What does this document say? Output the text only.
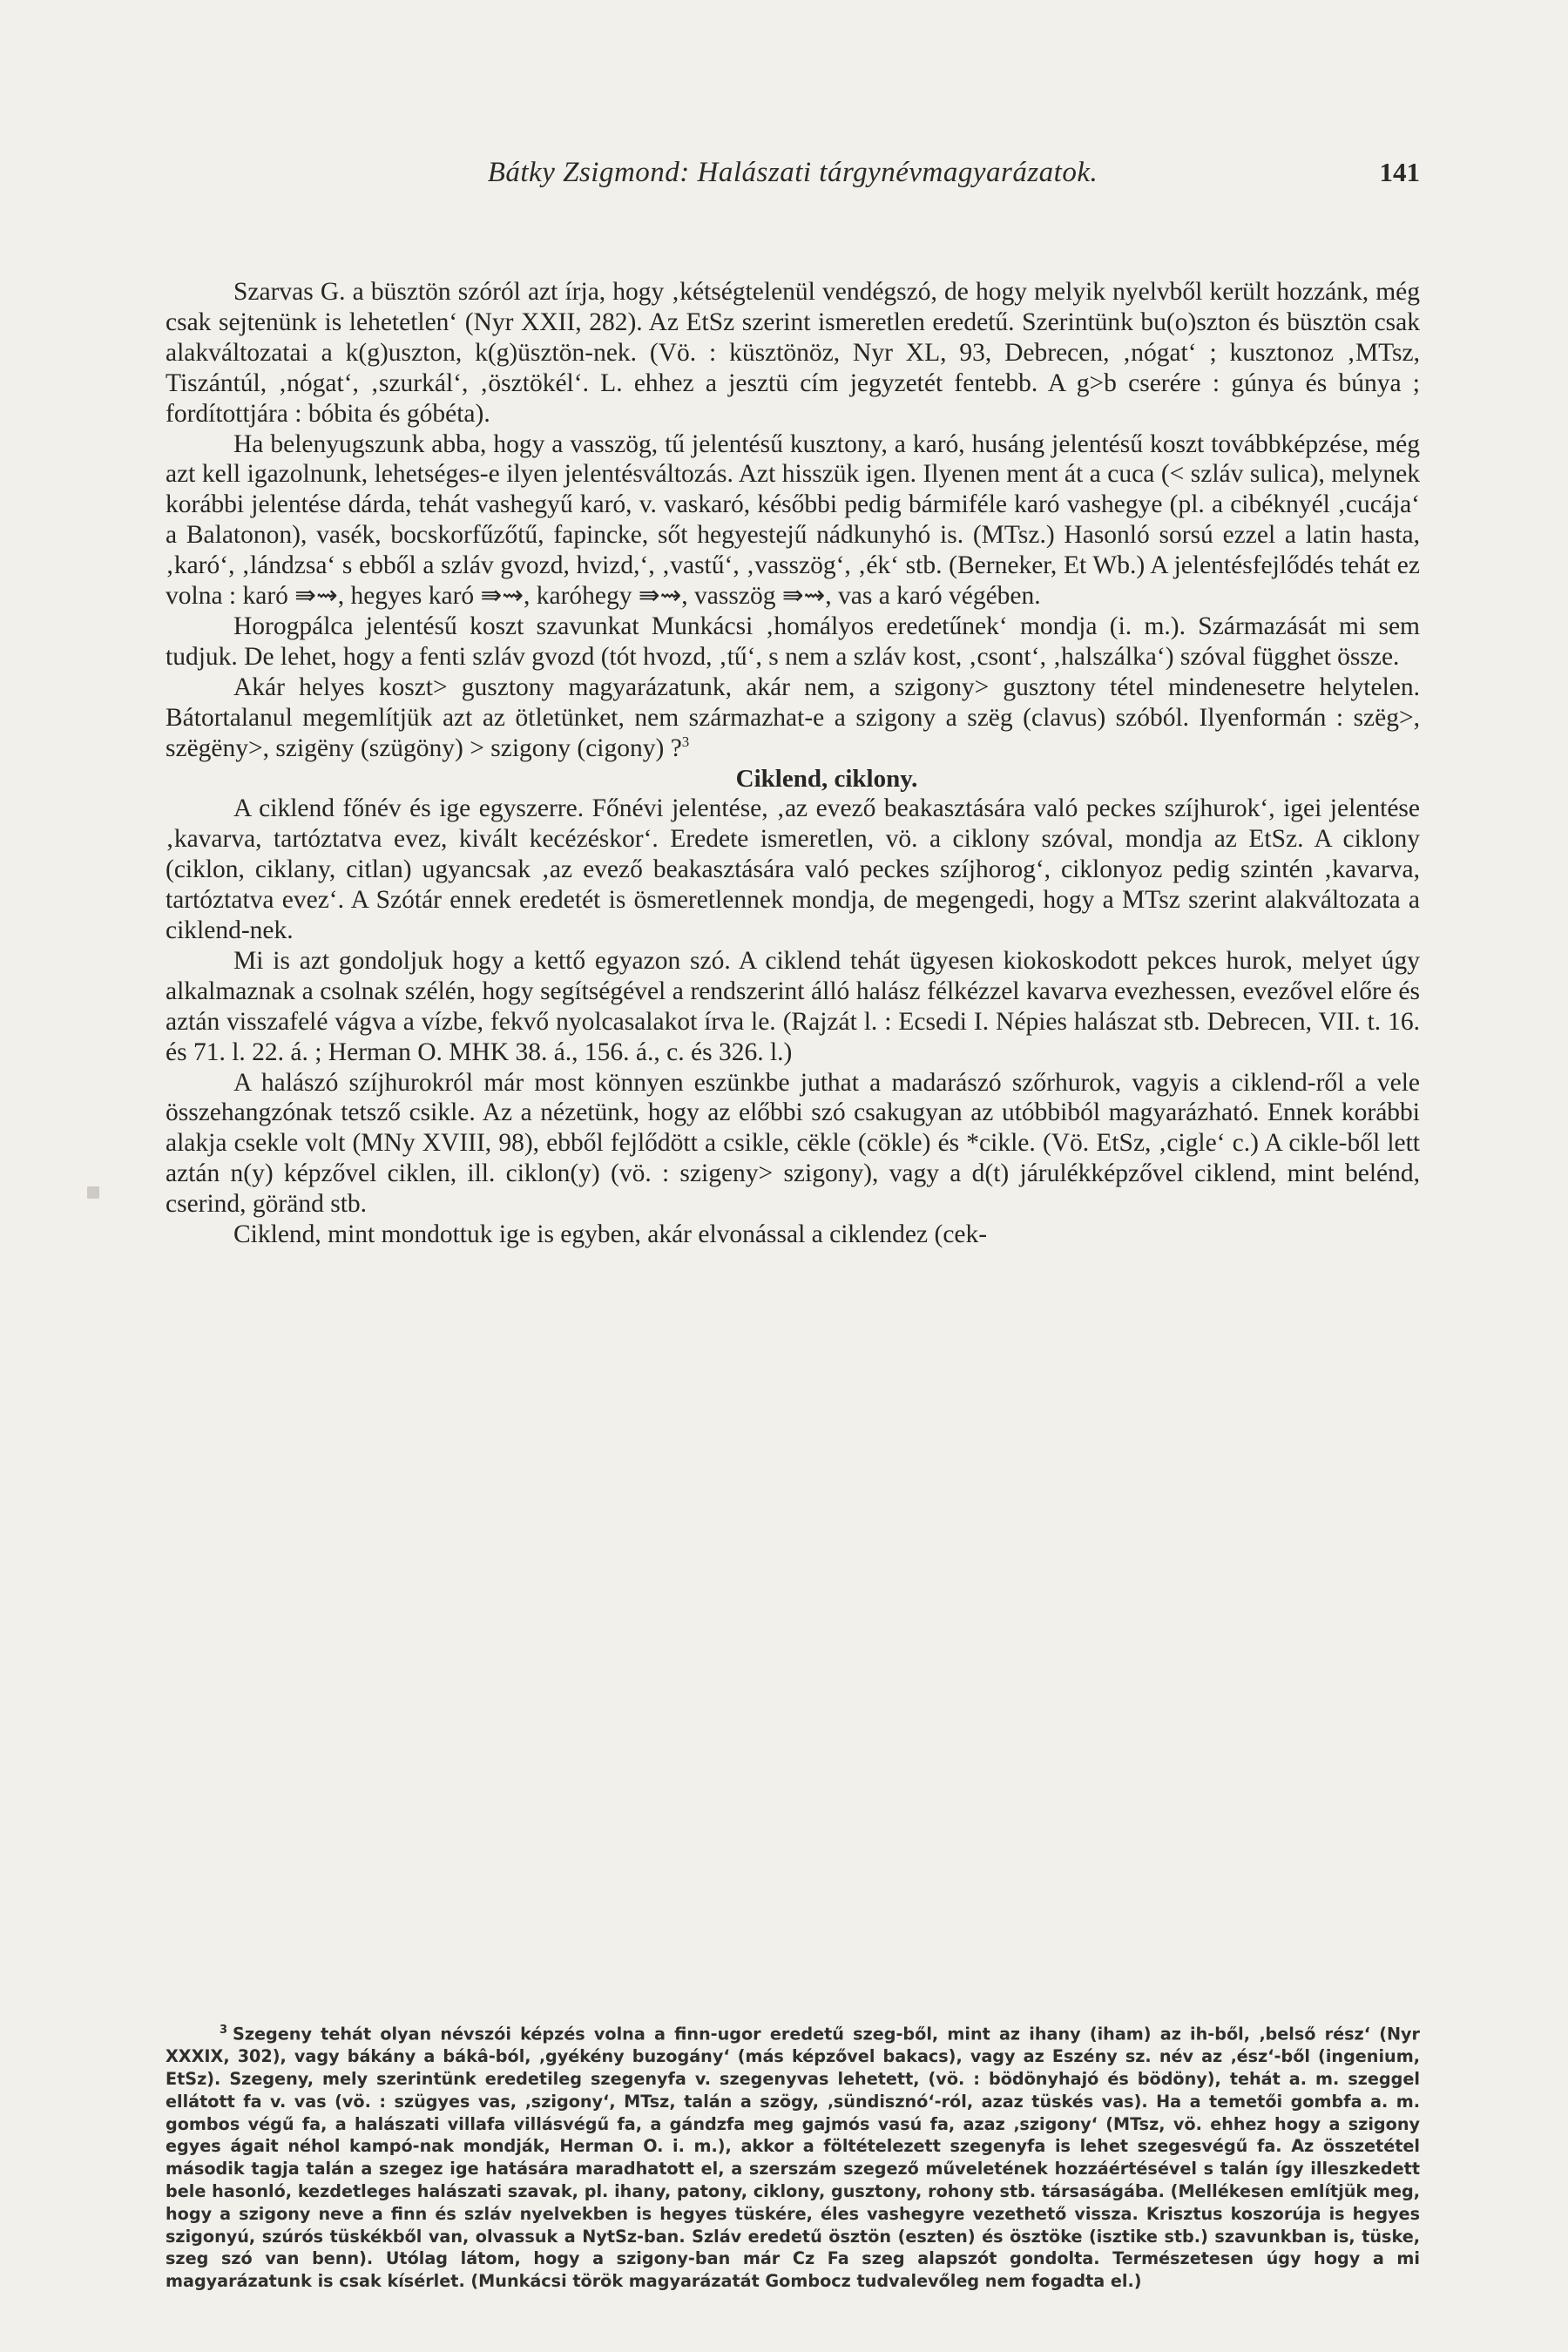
Bátky Zsigmond: Halászati tárgynévmagyarázatok.	141

Szarvas G. a büsztön szóról azt írja, hogy ‚kétségtelenül vendégszó, de hogy melyik nyelvből került hozzánk, még csak sejtenünk is lehetetlen‘ (Nyr XXII, 282). Az EtSz szerint ismeretlen eredetű. Szerintünk bu(o)szton és büsztön csak alakváltozatai a k(g)uszton, k(g)üsztön-nek. (Vö. : küsztönöz, Nyr XL, 93, Debrecen, ‚nógat‘ ; kusztonoz ‚MTsz, Tiszántúl, ‚nógat‘, ‚szurkál‘, ‚ösztökél‘. L. ehhez a jesztü cím jegyzetét fentebb. A g>b cserére : gúnya és búnya ; fordítottjára : bóbita és góbéta).

Ha belenyugszunk abba, hogy a vasszög, tű jelentésű kusztony, a karó, husáng jelentésű koszt továbbképzése, még azt kell igazolnunk, lehetséges-e ilyen jelentésváltozás. Azt hisszük igen. Ilyenen ment át a cuca (< szláv sulica), melynek korábbi jelentése dárda, tehát vashegyű karó, v. vaskaró, későbbi pedig bármiféle karó vashegye (pl. a cibéknyél ‚cucája‘ a Balatonon), vasék, bocskorfűzőtű, fapincke, sőt hegyestejű nádkunyhó is. (MTsz.) Hasonló sorsú ezzel a latin hasta, ‚karó‘, ‚lándzsa‘ s ebből a szláv gvozd, hvizd,‘, ‚vastű‘, ‚vasszög‘, ‚ék‘ stb. (Berneker, Et Wb.) A jelentésfejlődés tehát ez volna : karó ⇛⇝, hegyes karó ⇛⇝, karóhegy ⇛⇝, vasszög ⇛⇝, vas a karó végében.

Horogpálca jelentésű koszt szavunkat Munkácsi ‚homályos eredetűnek‘ mondja (i. m.). Származását mi sem tudjuk. De lehet, hogy a fenti szláv gvozd (tót hvozd, ‚tű‘, s nem a szláv kost, ‚csont‘, ‚halszálka‘) szóval függhet össze.

Akár helyes koszt> gusztony magyarázatunk, akár nem, a szigony> gusztony tétel mindenesetre helytelen. Bátortalanul megemlítjük azt az ötletünket, nem származhat-e a szigony a szëg (clavus) szóból. Ilyenformán : szëg>, szëgëny>, szigëny (szügöny) > szigony (cigony) ?$^3$

Ciklend, ciklony.

A ciklend főnév és ige egyszerre. Főnévi jelentése, ‚az evező beakasztására való peckes szíjhurok‘, igei jelentése ‚kavarva, tartóztatva evez, kivált kecézéskor‘. Eredete ismeretlen, vö. a ciklony szóval, mondja az EtSz. A ciklony (ciklon, ciklany, citlan) ugyancsak ‚az evező beakasztására való peckes szíjhorog‘, ciklonyoz pedig szintén ‚kavarva, tartóztatva evez‘. A Szótár ennek eredetét is ösmeretlennek mondja, de megengedi, hogy a MTsz szerint alakváltozata a ciklend-nek.

Mi is azt gondoljuk hogy a kettő egyazon szó. A ciklend tehát ügyesen kiokoskodott pekces hurok, melyet úgy alkalmaznak a csolnak szélén, hogy segítségével a rendszerint álló halász félkézzel kavarva evezhessen, evezővel előre és aztán visszafelé vágva a vízbe, fekvő nyolcasalakot írva le. (Rajzát l. : Ecsedi I. Népies halászat stb. Debrecen, VII. t. 16. és 71. l. 22. á. ; Herman O. MHK 38. á., 156. á., c. és 326. l.)

A halászó szíjhurokról már most könnyen eszünkbe juthat a madarászó szőrhurok, vagyis a ciklend-ről a vele összehangzónak tetsző csikle. Az a nézetünk, hogy az előbbi szó csakugyan az utóbbiból magyarázható. Ennek korábbi alakja csekle volt (MNy XVIII, 98), ebből fejlődött a csikle, cëkle (cökle) és *cikle. (Vö. EtSz, ‚cigle‘ c.) A cikle-ből lett aztán n(y) képzővel ciklen, ill. ciklon(y) (vö. : szigeny> szigony), vagy a d(t) járulékképzővel ciklend, mint belénd, cserind, göränd stb.

Ciklend, mint mondottuk ige is egyben, akár elvonással a ciklendez (cek-

$^3$ Szegeny tehát olyan névszói képzés volna a finn-ugor eredetű szeg-ből, mint az ihany (iham) az ih-ből, ‚belső rész‘ (Nyr XXXIX, 302), vagy bákány a bákâ-ból, ‚gyékény buzogány‘ (más képzővel bakacs), vagy az Eszény sz. név az ‚ész‘-ből (ingenium, EtSz). Szegeny, mely szerintünk eredetileg szegenyfa v. szegenyvas lehetett, (vö. : bödönyhajó és bödöny), tehát a. m. szeggel ellátott fa v. vas (vö. : szügyes vas, ‚szigony‘, MTsz, talán a szögy, ‚sündisznó‘-ról, azaz tüskés vas). Ha a temetői gombfa a. m. gombos végű fa, a halászati villafa villásvégű fa, a gándzfa meg gajmós vasú fa, azaz ‚szigony‘ (MTsz, vö. ehhez hogy a szigony egyes ágait néhol kampó-nak mondják, Herman O. i. m.), akkor a föltételezett szegenyfa is lehet szegesvégű fa. Az összetétel második tagja talán a szegez ige hatására maradhatott el, a szerszám szegező műveletének hozzáértésével s talán így illeszkedett bele hasonló, kezdetleges halászati szavak, pl. ihany, patony, ciklony, gusztony, rohony stb. társaságába. (Mellékesen említjük meg, hogy a szigony neve a finn és szláv nyelvekben is hegyes tüskére, éles vashegyre vezethető vissza. Krisztus koszorúja is hegyes szigonyú, szúrós tüskékből van, olvassuk a NytSz-ban. Szláv eredetű ösztön (eszten) és ösztöke (isztike stb.) szavunkban is, tüske, szeg szó van benn). Utólag látom, hogy a szigony-ban már Cz Fa szeg alapszót gondolta. Természetesen úgy hogy a mi magyarázatunk is csak kísérlet. (Munkácsi török magyarázatát Gombocz tudvalevőleg nem fogadta el.)
